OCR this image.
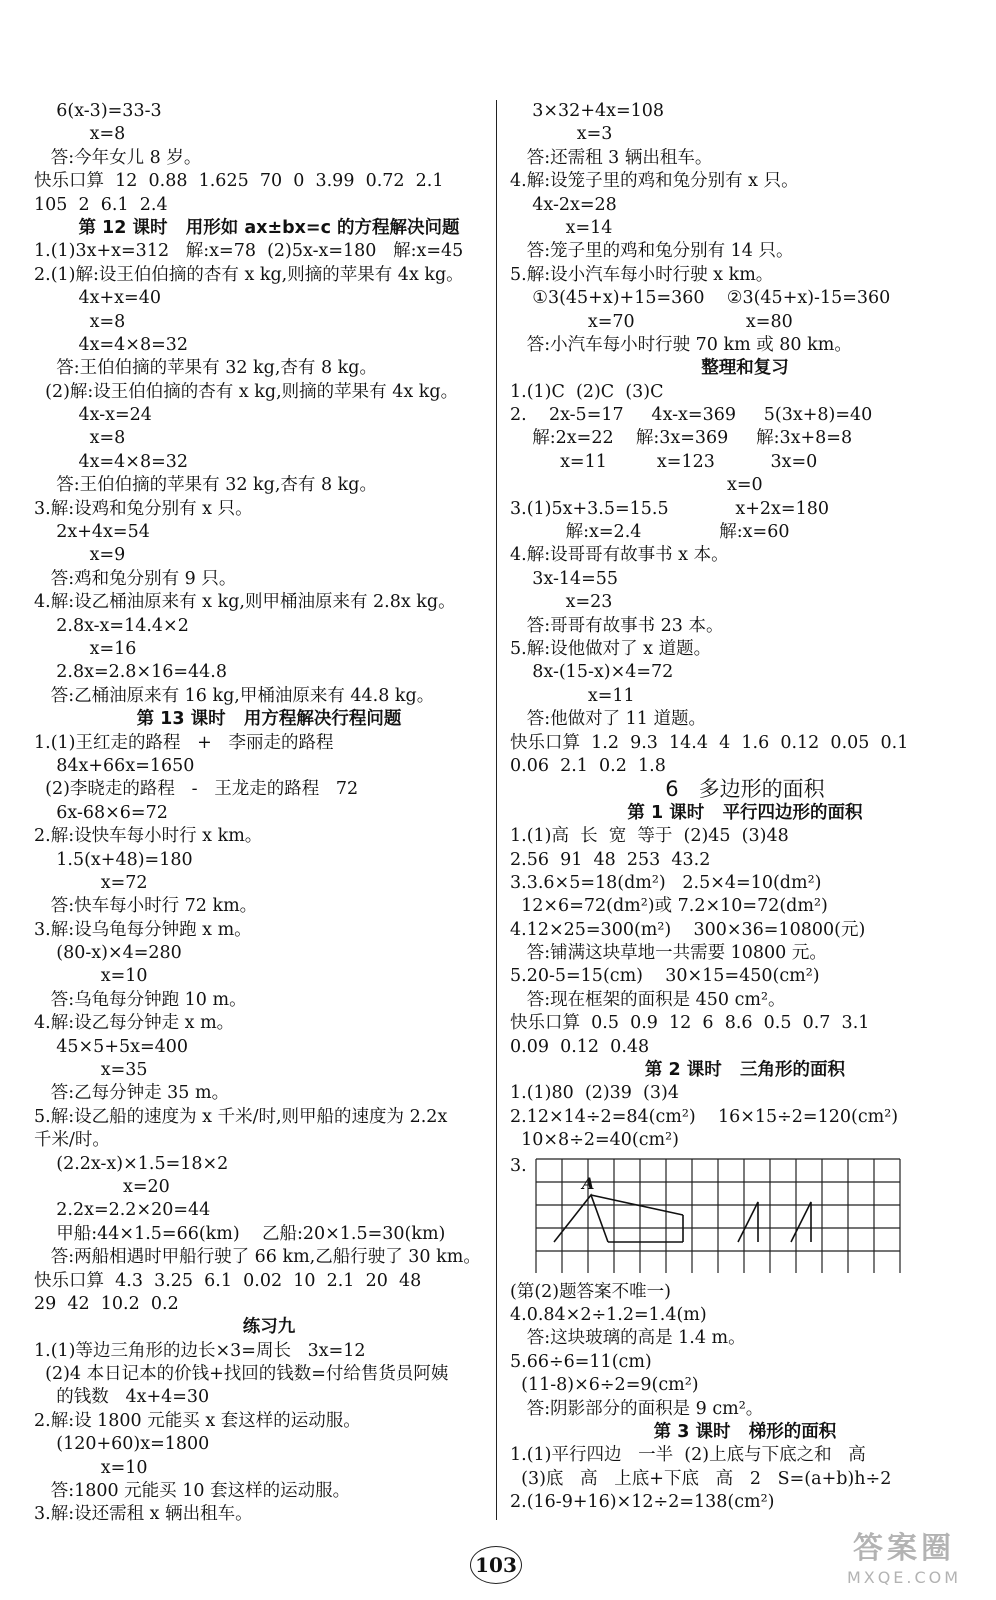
6(x-3)=33-3
x=8
答:今年女儿 8 岁。
快乐口算  12  0.88  1.625  70  0  3.99  0.72  2.1
105  2  6.1  2.4
第 12 课时   用形如 ax±bx=c 的方程解决问题
1.(1)3x+x=312   解:x=78  (2)5x-x=180   解:x=45
2.(1)解:设王伯伯摘的杏有 x kg,则摘的苹果有 4x kg。
4x+x=40
x=8
4x=4×8=32
答:王伯伯摘的苹果有 32 kg,杏有 8 kg。
(2)解:设王伯伯摘的杏有 x kg,则摘的苹果有 4x kg。
4x-x=24
x=8
4x=4×8=32
答:王伯伯摘的苹果有 32 kg,杏有 8 kg。
3.解:设鸡和兔分别有 x 只。
2x+4x=54
x=9
答:鸡和兔分别有 9 只。
4.解:设乙桶油原来有 x kg,则甲桶油原来有 2.8x kg。
2.8x-x=14.4×2
x=16
2.8x=2.8×16=44.8
答:乙桶油原来有 16 kg,甲桶油原来有 44.8 kg。
第 13 课时   用方程解决行程问题
1.(1)王红走的路程   +   李丽走的路程
84x+66x=1650
(2)李晓走的路程   -   王龙走的路程   72
6x-68×6=72
2.解:设快车每小时行 x km。
1.5(x+48)=180
x=72
答:快车每小时行 72 km。
3.解:设乌龟每分钟跑 x m。
(80-x)×4=280
x=10
答:乌龟每分钟跑 10 m。
4.解:设乙每分钟走 x m。
45×5+5x=400
x=35
答:乙每分钟走 35 m。
5.解:设乙船的速度为 x 千米/时,则甲船的速度为 2.2x
千米/时。
(2.2x-x)×1.5=18×2
x=20
2.2x=2.2×20=44
甲船:44×1.5=66(km)    乙船:20×1.5=30(km)
答:两船相遇时甲船行驶了 66 km,乙船行驶了 30 km。
快乐口算  4.3  3.25  6.1  0.02  10  2.1  20  48
29  42  10.2  0.2
练习九
1.(1)等边三角形的边长×3=周长   3x=12
(2)4 本日记本的价钱+找回的钱数=付给售货员阿姨
的钱数   4x+4=30
2.解:设 1800 元能买 x 套这样的运动服。
(120+60)x=1800
x=10
答:1800 元能买 10 套这样的运动服。
3.解:设还需租 x 辆出租车。
3×32+4x=108
x=3
答:还需租 3 辆出租车。
4.解:设笼子里的鸡和兔分别有 x 只。
4x-2x=28
x=14
答:笼子里的鸡和兔分别有 14 只。
5.解:设小汽车每小时行驶 x km。
①3(45+x)+15=360    ②3(45+x)-15=360
x=70                    x=80
答:小汽车每小时行驶 70 km 或 80 km。
整理和复习
1.(1)C  (2)C  (3)C
2.    2x-5=17     4x-x=369     5(3x+8)=40
解:2x=22    解:3x=369     解:3x+8=8
x=11         x=123          3x=0
x=0
3.(1)5x+3.5=15.5            x+2x=180
解:x=2.4              解:x=60
4.解:设哥哥有故事书 x 本。
3x-14=55
x=23
答:哥哥有故事书 23 本。
5.解:设他做对了 x 道题。
8x-(15-x)×4=72
x=11
答:他做对了 11 道题。
快乐口算  1.2  9.3  14.4  4  1.6  0.12  0.05  0.1
0.06  2.1  0.2  1.8
6   多边形的面积
第 1 课时   平行四边形的面积
1.(1)高  长  宽  等于  (2)45  (3)48
2.56  91  48  253  43.2
3.3.6×5=18(dm²)   2.5×4=10(dm²)
12×6=72(dm²)或 7.2×10=72(dm²)
4.12×25=300(m²)    300×36=10800(元)
答:铺满这块草地一共需要 10800 元。
5.20-5=15(cm)    30×15=450(cm²)
答:现在框架的面积是 450 cm²。
快乐口算  0.5  0.9  12  6  8.6  0.5  0.7  3.1
0.09  0.12  0.48
第 2 课时   三角形的面积
1.(1)80  (2)39  (3)4
2.12×14÷2=84(cm²)    16×15÷2=120(cm²)
10×8÷2=40(cm²)
3.
A
(第(2)题答案不唯一)
4.0.84×2÷1.2=1.4(m)
答:这块玻璃的高是 1.4 m。
5.66÷6=11(cm)
(11-8)×6÷2=9(cm²)
答:阴影部分的面积是 9 cm²。
第 3 课时   梯形的面积
1.(1)平行四边   一半  (2)上底与下底之和   高
(3)底   高   上底+下底   高   2   S=(a+b)h÷2
2.(16-9+16)×12÷2=138(cm²)
103	答案圈
MXQE.COM
